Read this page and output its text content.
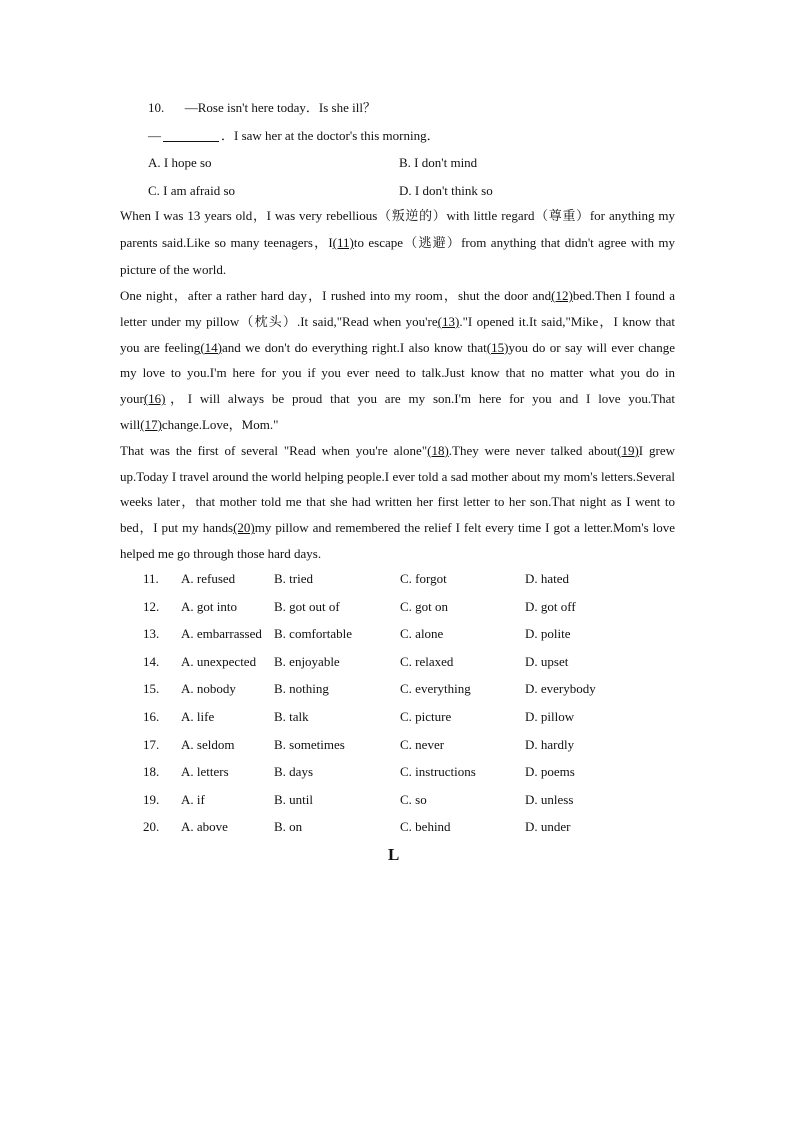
10. —Rose isn't here today．Is she ill？
—	．I saw her at the doctor's this morning．
A. I hope so	B. I don't mind
C. I am afraid so	D. I don't think so

When I was 13 years old，I was very rebellious（叛逆的）with little regard（尊重）for anything my parents said.Like so many teenagers，I(11)to escape（逃避）from anything that didn't agree with my picture of the world.

One night，after a rather hard day，I rushed into my room，shut the door and(12)bed.Then I found a letter under my pillow（枕头）.It said,"Read when you're(13)."I opened it.It said,"Mike，I know that you are feeling(14)and we don't do everything right.I also know that(15)you do or say will ever change my love to you.I'm here for you if you ever need to talk.Just know that no matter what you do in your(16)，I will always be proud that you are my son.I'm here for you and I love you.That will(17)change.Love，Mom."

That was the first of several "Read when you're alone"(18).They were never talked about(19)I grew up.Today I travel around the world helping people.I ever told a sad mother about my mom's letters.Several weeks later，that mother told me that she had written her first letter to her son.That night as I went to bed，I put my hands(20)my pillow and remembered the relief I felt every time I got a letter.Mom's love helped me go through those hard days.

11. A. refused	B. tried	C. forgot	D. hated
12. A. got into	B. got out of	C. got on	D. got off
13. A. embarrassed B. comfortable	C. alone	D. polite
14. A. unexpected B. enjoyable	C. relaxed	D. upset
15. A. nobody	B. nothing	C. everything	D. everybody
16. A. life	B. talk	C. picture	D. pillow
17. A. seldom	B. sometimes	C. never	D. hardly
18. A. letters	B. days	C. instructions	D. poems
19. A. if	B. until	C. so	D. unless
20. A. above	B. on	C. behind	D. under
L
